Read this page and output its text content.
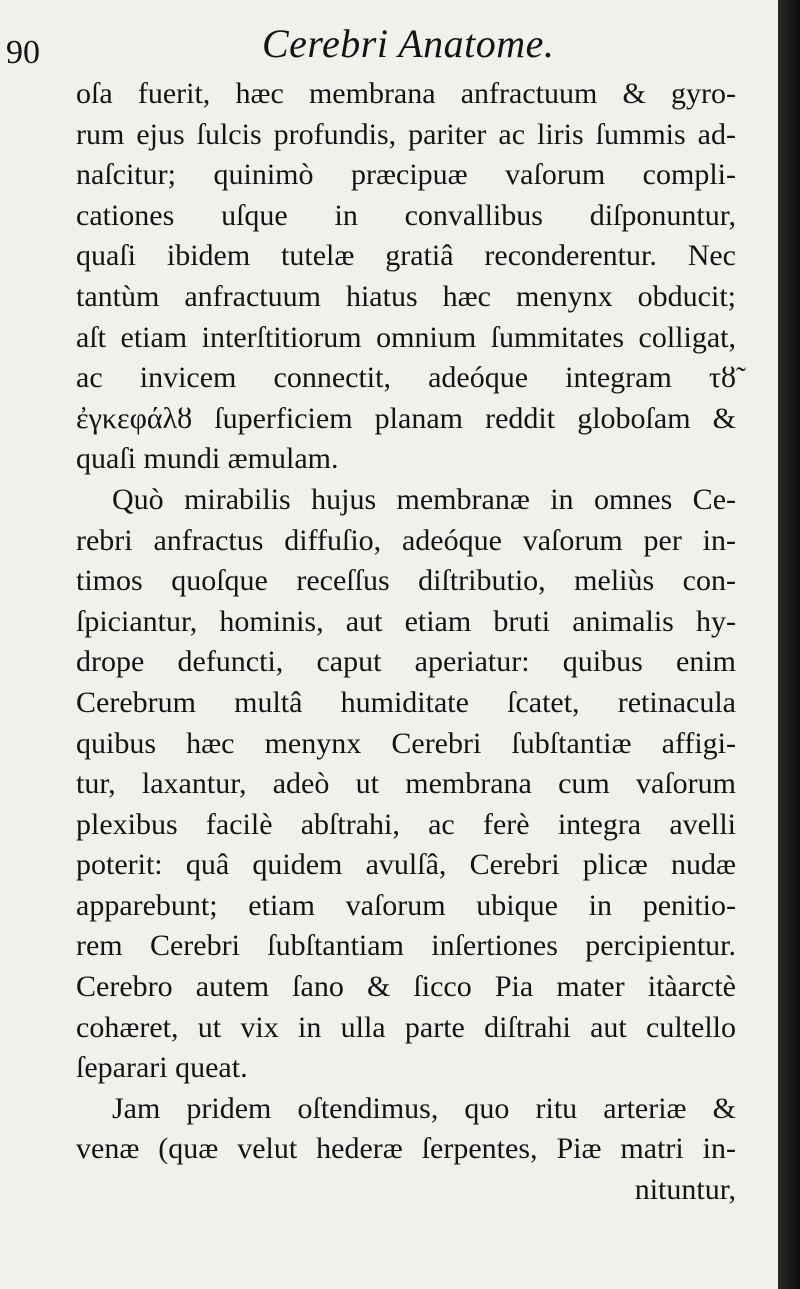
90	Cerebri Anatome.
oſa fuerit, hæc membrana anfractuum & gyro-
rum ejus ſulcis profundis, pariter ac liris ſummis ad-
naſcitur; quinimò præcipuæ vaſorum compli-
cationes uſque in convallibus diſponuntur,
quaſi ibidem tutelæ gratiâ reconderentur. Nec
tantùm anfractuum hiatus hæc menynx obducit;
aſt etiam interſtitiorum omnium ſummitates colligat,
ac invicem connectit, adeóque integram τȣ̃
ἐγκεφάλȣ ſuperficiem planam reddit globoſam &
quaſi mundi æmulam.
Quò mirabilis hujus membranæ in omnes Ce-
rebri anfractus diffuſio, adeóque vaſorum per in-
timos quoſque receſſus diſtributio, meliùs con-
ſpiciantur, hominis, aut etiam bruti animalis hy-
drope defuncti, caput aperiatur: quibus enim
Cerebrum multâ humiditate ſcatet, retinacula
quibus hæc menynx Cerebri ſubſtantiæ affigi-
tur, laxantur, adeò ut membrana cum vaſorum
plexibus facilè abſtrahi, ac ferè integra avelli
poterit: quâ quidem avulſâ, Cerebri plicæ nudæ
apparebunt; etiam vaſorum ubique in penitio-
rem Cerebri ſubſtantiam inſertiones percipientur.
Cerebro autem ſano & ſicco Pia mater itàarctè
cohæret, ut vix in ulla parte diſtrahi aut cultello
ſeparari queat.
Jam pridem oſtendimus, quo ritu arteriæ &
venæ (quæ velut hederæ ſerpentes, Piæ matri in-
nituntur,
